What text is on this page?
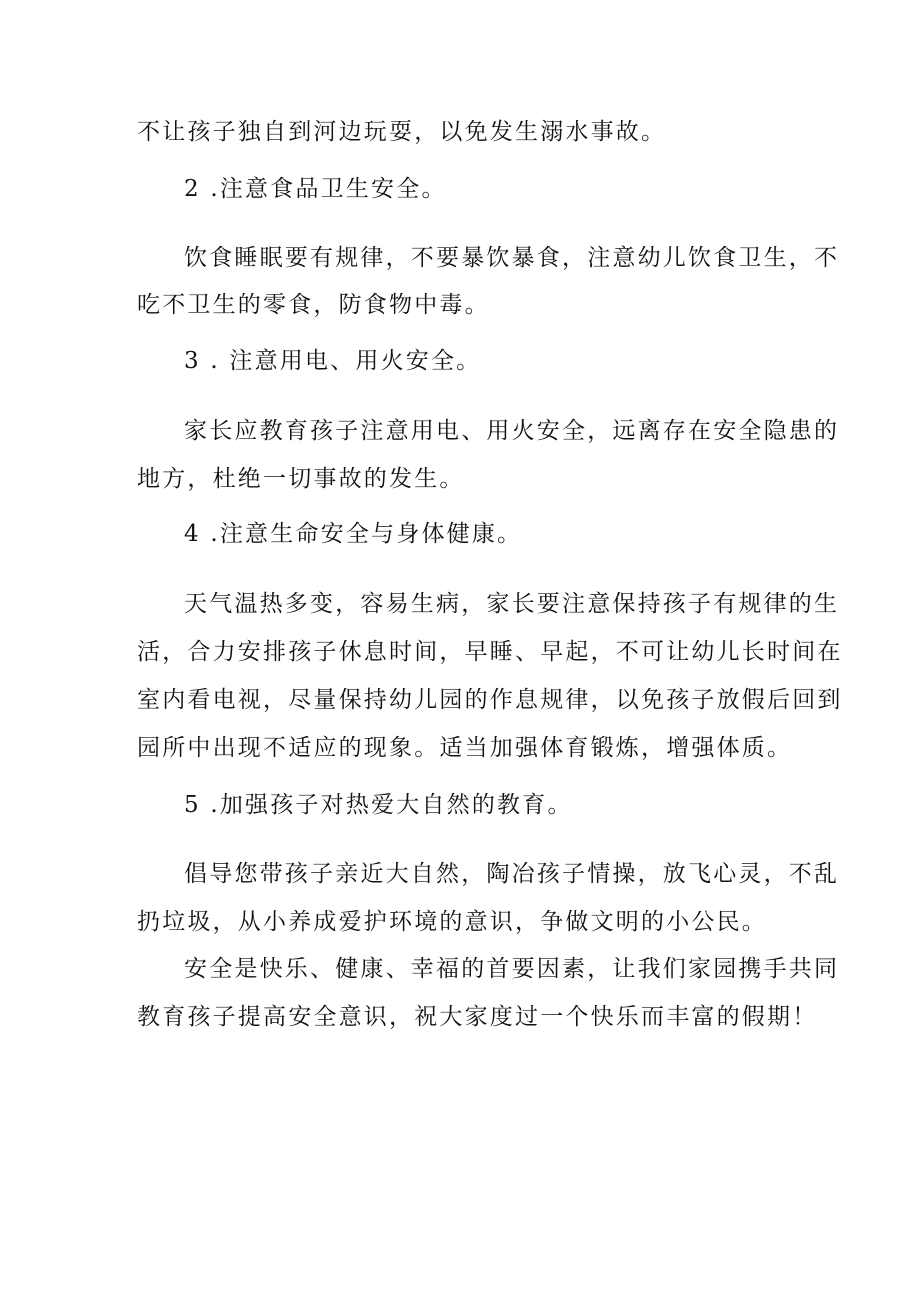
不让孩子独自到河边玩耍，以免发生溺水事故。
2 .注意食品卫生安全。
饮食睡眠要有规律，不要暴饮暴食，注意幼儿饮食卫生，不
吃不卫生的零食，防食物中毒。
3 . 注意用电、用火安全。
家长应教育孩子注意用电、用火安全，远离存在安全隐患的
地方，杜绝一切事故的发生。
4 .注意生命安全与身体健康。
天气温热多变，容易生病，家长要注意保持孩子有规律的生
活，合力安排孩子休息时间，早睡、早起，不可让幼儿长时间在
室内看电视，尽量保持幼儿园的作息规律，以免孩子放假后回到
园所中出现不适应的现象。适当加强体育锻炼，增强体质。
5 .加强孩子对热爱大自然的教育。
倡导您带孩子亲近大自然，陶冶孩子情操，放飞心灵，不乱
扔垃圾，从小养成爱护环境的意识，争做文明的小公民。
安全是快乐、健康、幸福的首要因素，让我们家园携手共同
教育孩子提高安全意识，祝大家度过一个快乐而丰富的假期！
